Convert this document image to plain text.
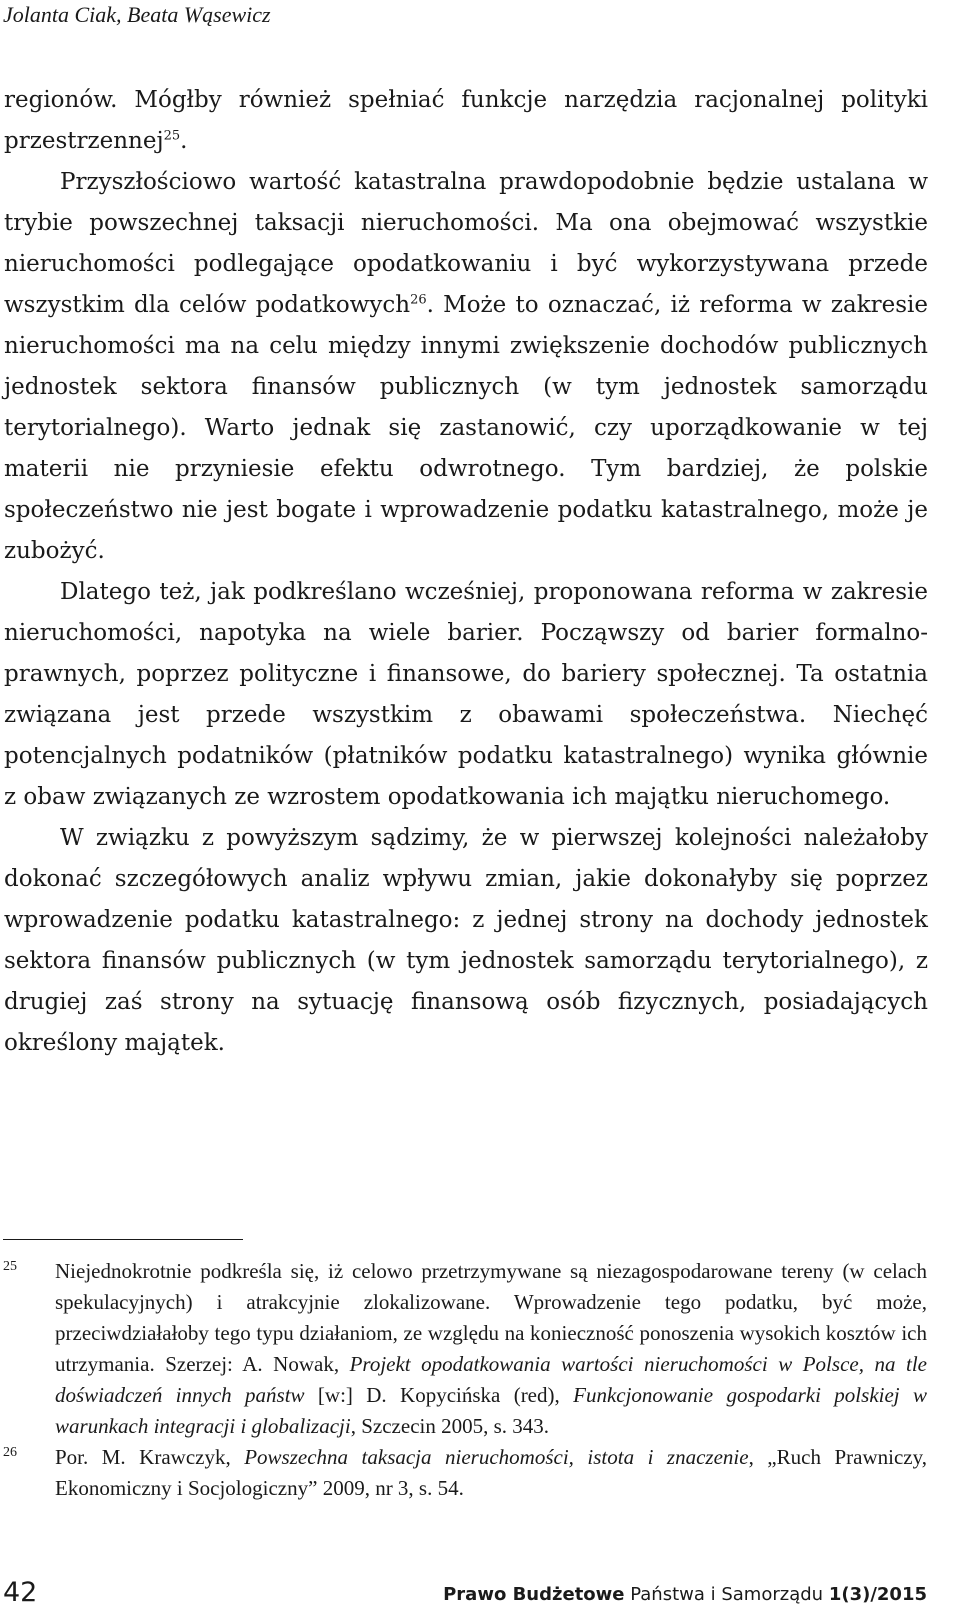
Jolanta Ciak, Beata Wąsewicz

regionów. Mógłby również spełniać funkcje narzędzia racjonalnej polityki przestrzennej$^{25}$.

Przyszłościowo wartość katastralna prawdopodobnie będzie ustalana w trybie powszechnej taksacji nieruchomości. Ma ona obejmować wszystkie nieruchomości podlegające opodatkowaniu i być wykorzystywana przede wszystkim dla celów podatkowych$^{26}$. Może to oznaczać, iż reforma w zakresie nieruchomości ma na celu między innymi zwiększenie dochodów publicznych jednostek sektora finansów publicznych (w tym jednostek samorządu terytorialnego). Warto jednak się zastanowić, czy uporządkowanie w tej materii nie przyniesie efektu odwrotnego. Tym bardziej, że polskie społeczeństwo nie jest bogate i wprowadzenie podatku katastralnego, może je zubożyć.

Dlatego też, jak podkreślano wcześniej, proponowana reforma w zakresie nieruchomości, napotyka na wiele barier. Począwszy od barier formalno-prawnych, poprzez polityczne i finansowe, do bariery społecznej. Ta ostatnia związana jest przede wszystkim z obawami społeczeństwa. Niechęć potencjalnych podatników (płatników podatku katastralnego) wynika głównie z obaw związanych ze wzrostem opodatkowania ich majątku nieruchomego.

W związku z powyższym sądzimy, że w pierwszej kolejności należałoby dokonać szczegółowych analiz wpływu zmian, jakie dokonałyby się poprzez wprowadzenie podatku katastralnego: z jednej strony na dochody jednostek sektora finansów publicznych (w tym jednostek samorządu terytorialnego), z drugiej zaś strony na sytuację finansową osób fizycznych, posiadających określony majątek.

25	Niejednokrotnie podkreśla się, iż celowo przetrzymywane są niezagospodarowane tereny (w celach spekulacyjnych) i atrakcyjnie zlokalizowane. Wprowadzenie tego podatku, być może, przeciwdziałałoby tego typu działaniom, ze względu na konieczność ponoszenia wysokich kosztów ich utrzymania. Szerzej: A. Nowak, Projekt opodatkowania wartości nieruchomości w Polsce, na tle doświadczeń innych państw [w:] D. Kopycińska (red), Funkcjonowanie gospodarki polskiej w warunkach integracji i globalizacji, Szczecin 2005, s. 343.
26	Por. M. Krawczyk, Powszechna taksacja nieruchomości, istota i znaczenie, „Ruch Prawniczy, Ekonomiczny i Socjologiczny” 2009, nr 3, s. 54.
42	Prawo Budżetowe Państwa i Samorządu 1(3)/2015
